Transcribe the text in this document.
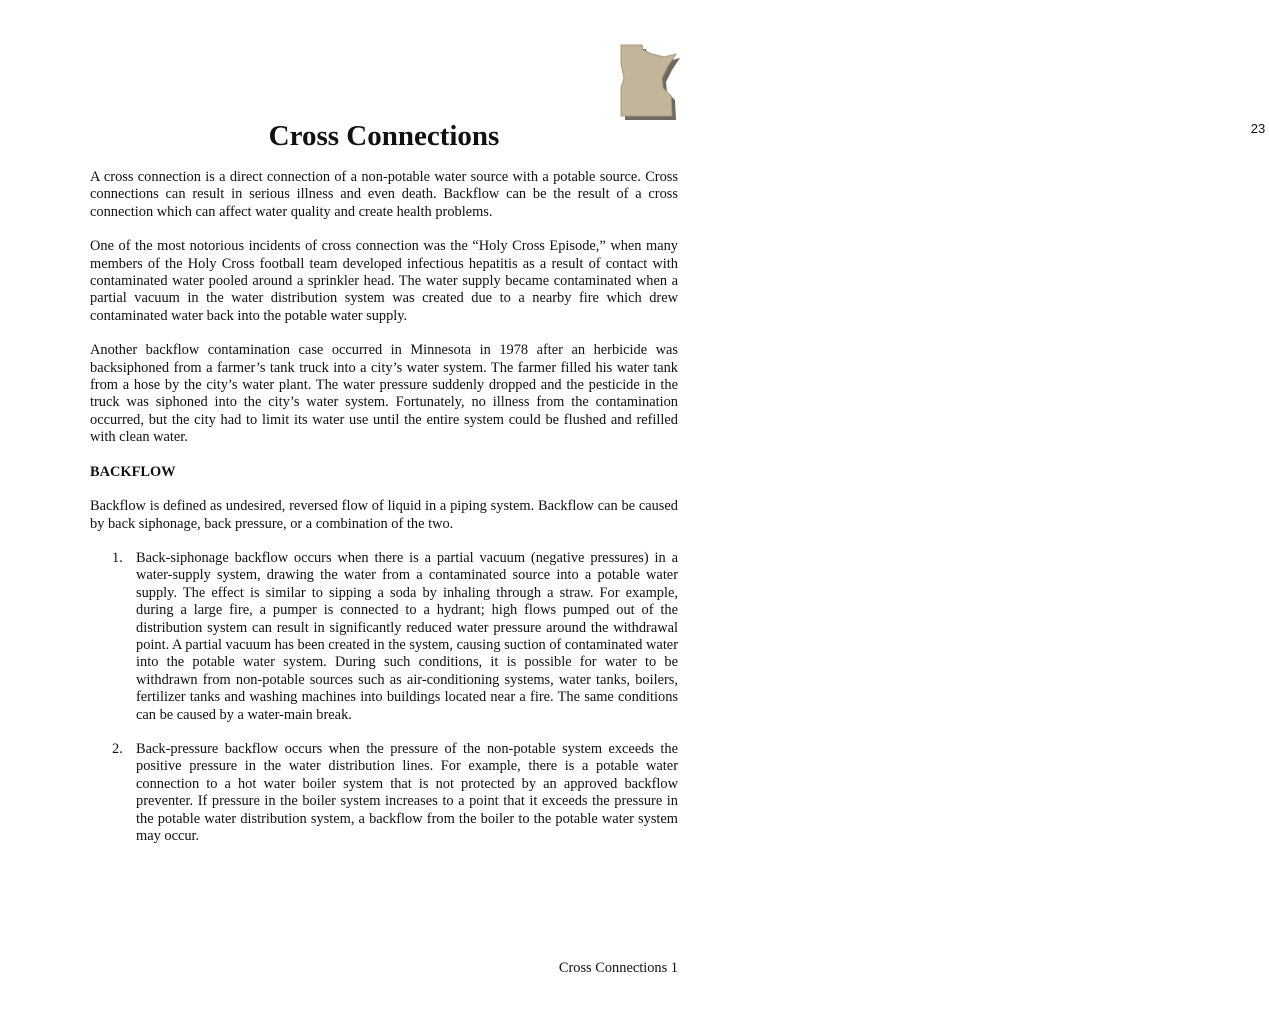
23
Cross Connections

A cross connection is a direct connection of a non-potable water source with a potable source. Cross connections can result in serious illness and even death. Backflow can be the result of a cross connection which can affect water quality and create health problems.

One of the most notorious incidents of cross connection was the “Holy Cross Episode,” when many members of the Holy Cross football team developed infectious hepatitis as a result of contact with contaminated water pooled around a sprinkler head. The water supply became contaminated when a partial vacuum in the water distribution system was created due to a nearby fire which drew contaminated water back into the potable water supply.

Another backflow contamination case occurred in Minnesota in 1978 after an herbicide was backsiphoned from a farmer’s tank truck into a city’s water system. The farmer filled his water tank from a hose by the city’s water plant. The water pressure suddenly dropped and the pesticide in the truck was siphoned into the city’s water system. Fortunately, no illness from the contamination occurred, but the city had to limit its water use until the entire system could be flushed and refilled with clean water.

BACKFLOW

Backflow is defined as undesired, reversed flow of liquid in a piping system. Backflow can be caused by back siphonage, back pressure, or a combination of the two.

1. Back-siphonage backflow occurs when there is a partial vacuum (negative pressures) in a water-supply system, drawing the water from a contaminated source into a potable water supply. The effect is similar to sipping a soda by inhaling through a straw. For example, during a large fire, a pumper is connected to a hydrant; high flows pumped out of the distribution system can result in significantly reduced water pressure around the withdrawal point. A partial vacuum has been created in the system, causing suction of contaminated water into the potable water system. During such conditions, it is possible for water to be withdrawn from non-potable sources such as air-conditioning systems, water tanks, boilers, fertilizer tanks and washing machines into buildings located near a fire. The same conditions can be caused by a water-main break.
2. Back-pressure backflow occurs when the pressure of the non-potable system exceeds the positive pressure in the water distribution lines. For example, there is a potable water connection to a hot water boiler system that is not protected by an approved backflow preventer. If pressure in the boiler system increases to a point that it exceeds the pressure in the potable water distribution system, a backflow from the boiler to the potable water system may occur.
Cross Connections 1
